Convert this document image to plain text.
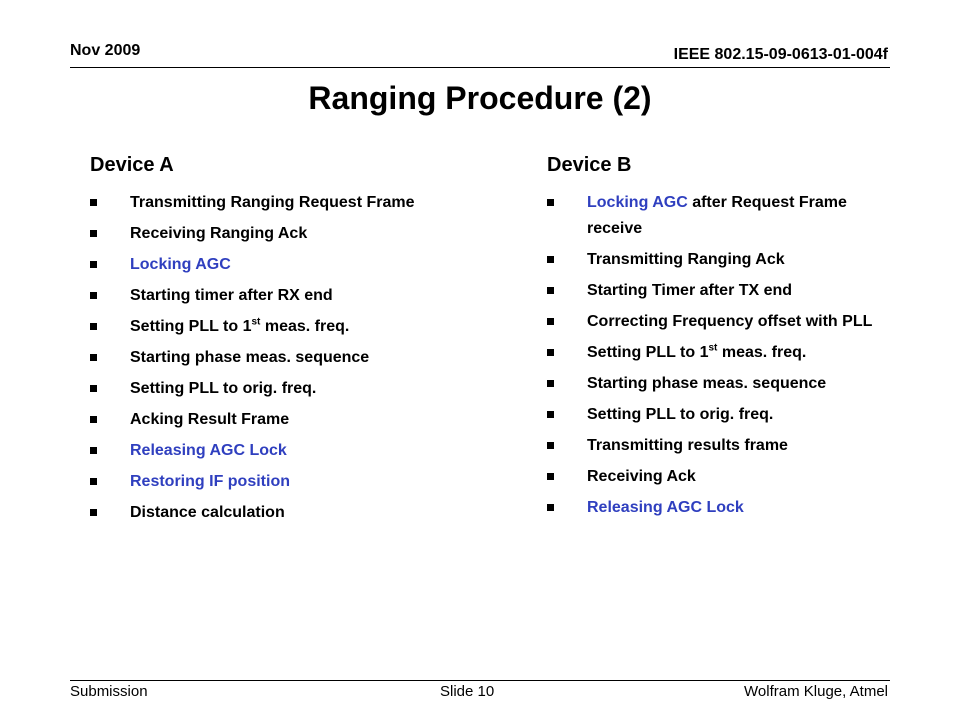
Nov 2009	IEEE 802.15-09-0613-01-004f
Ranging Procedure (2)
Device A
Transmitting Ranging Request Frame
Receiving Ranging Ack
Locking AGC
Starting timer after RX end
Setting PLL to 1st meas. freq.
Starting phase meas. sequence
Setting PLL to orig. freq.
Acking Result Frame
Releasing AGC Lock
Restoring IF position
Distance calculation
Device B
Locking AGC after Request Frame receive
Transmitting Ranging Ack
Starting Timer after TX end
Correcting Frequency offset with PLL
Setting PLL to 1st meas. freq.
Starting phase meas. sequence
Setting PLL to orig. freq.
Transmitting results frame
Receiving Ack
Releasing AGC Lock
Submission	Slide 10	Wolfram Kluge, Atmel
